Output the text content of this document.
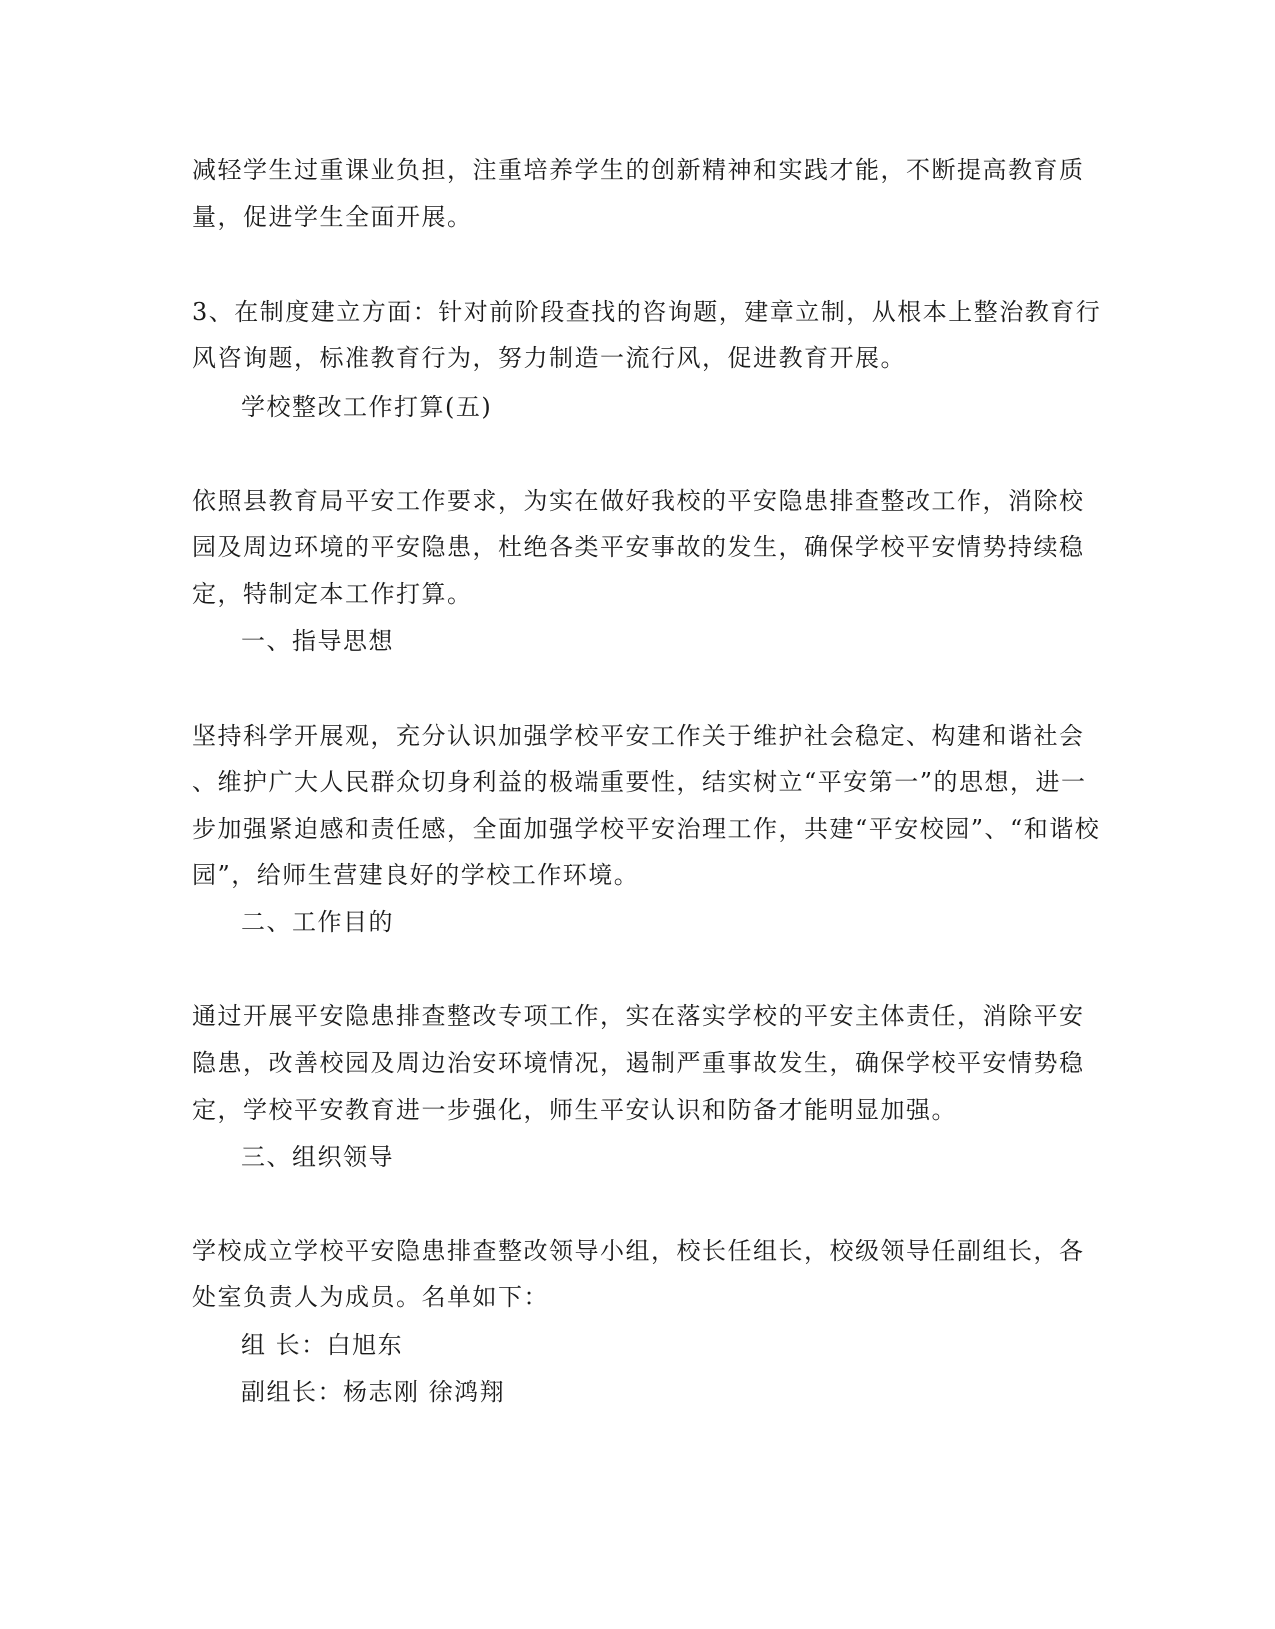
减轻学生过重课业负担，注重培养学生的创新精神和实践才能，不断提高教育质
量，促进学生全面开展。
3、在制度建立方面：针对前阶段查找的咨询题，建章立制，从根本上整治教育行
风咨询题，标准教育行为，努力制造一流行风，促进教育开展。
学校整改工作打算(五)
依照县教育局平安工作要求，为实在做好我校的平安隐患排查整改工作，消除校
园及周边环境的平安隐患，杜绝各类平安事故的发生，确保学校平安情势持续稳
定，特制定本工作打算。
一、指导思想
坚持科学开展观，充分认识加强学校平安工作关于维护社会稳定、构建和谐社会
、维护广大人民群众切身利益的极端重要性，结实树立“平安第一”的思想，进一
步加强紧迫感和责任感，全面加强学校平安治理工作，共建“平安校园”、“和谐校
园”，给师生营建良好的学校工作环境。
二、工作目的
通过开展平安隐患排查整改专项工作，实在落实学校的平安主体责任，消除平安
隐患，改善校园及周边治安环境情况，遏制严重事故发生，确保学校平安情势稳
定，学校平安教育进一步强化，师生平安认识和防备才能明显加强。
三、组织领导
学校成立学校平安隐患排查整改领导小组，校长任组长，校级领导任副组长，各
处室负责人为成员。名单如下：
组 长：白旭东
副组长：杨志刚 徐鸿翔
